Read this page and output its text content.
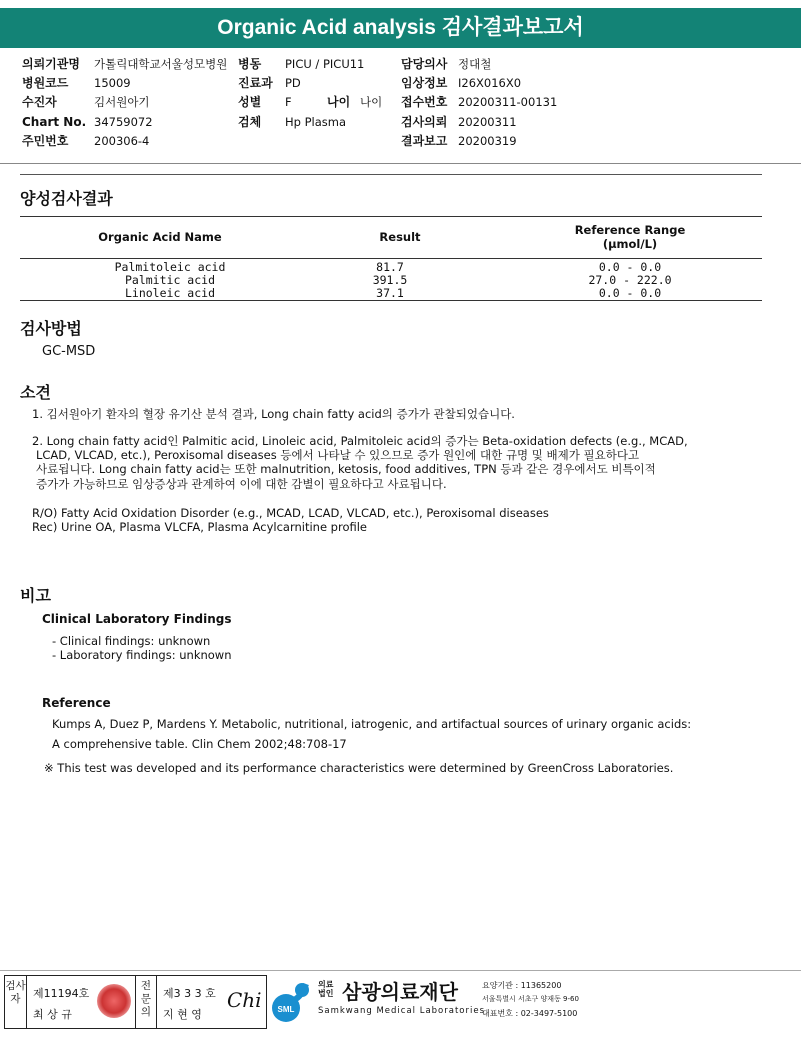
Organic Acid analysis 검사결과보고서
의뢰기관명 가톨릭대학교서울성모병원 병동 PICU / PICU11	담당의사 정대철
병원코드 15009	진료과 PD	임상정보 I26X016X0
수진자	김서원아기	성별 F	나이 나이 접수번호 20200311-00131
Chart No. 34759072	검체 Hp Plasma	검사의뢰 20200311
주민번호 200306-4	결과보고 20200319
양성검사결과
Organic Acid Name	Result	Reference Range
(μmol/L)
Palmitoleic acid	81.7	0.0 - 0.0
Palmitic acid	391.5	27.0 - 222.0
Linoleic acid	37.1	0.0 - 0.0
검사방법
GC-MSD
소견
1. 김서원아기 환자의 혈장 유기산 분석 결과, Long chain fatty acid의 증가가 관찰되었습니다.
2. Long chain fatty acid인 Palmitic acid, Linoleic acid, Palmitoleic acid의 증가는 Beta-oxidation defects (e.g., MCAD,
LCAD, VLCAD, etc.), Peroxisomal diseases 등에서 나타날 수 있으므로 증가 원인에 대한 규명 및 배제가 필요하다고
사료됩니다. Long chain fatty acid는 또한 malnutrition, ketosis, food additives, TPN 등과 같은 경우에서도 비특이적
증가가 가능하므로 임상증상과 관계하여 이에 대한 감별이 필요하다고 사료됩니다.
R/O) Fatty Acid Oxidation Disorder (e.g., MCAD, LCAD, VLCAD, etc.), Peroxisomal diseases
Rec) Urine OA, Plasma VLCFA, Plasma Acylcarnitine profile
비고
Clinical Laboratory Findings
- Clinical findings: unknown
- Laboratory findings: unknown
Reference
Kumps A, Duez P, Mardens Y. Metabolic, nutritional, iatrogenic, and artifactual sources of urinary organic acids:
A comprehensive table. Clin Chem 2002;48:708-17
※ This test was developed and its performance characteristics were determined by GreenCross Laboratories.
검사자	제11194호
최 상 규
전문의
제3 3 3 호
지 현 영
Chi SML
의료법인 삼광의료재단
Samkwang Medical Laboratories
요양기관 : 11365200
서울특별시 서초구 양재동 9-60
대표번호 : 02-3497-5100
